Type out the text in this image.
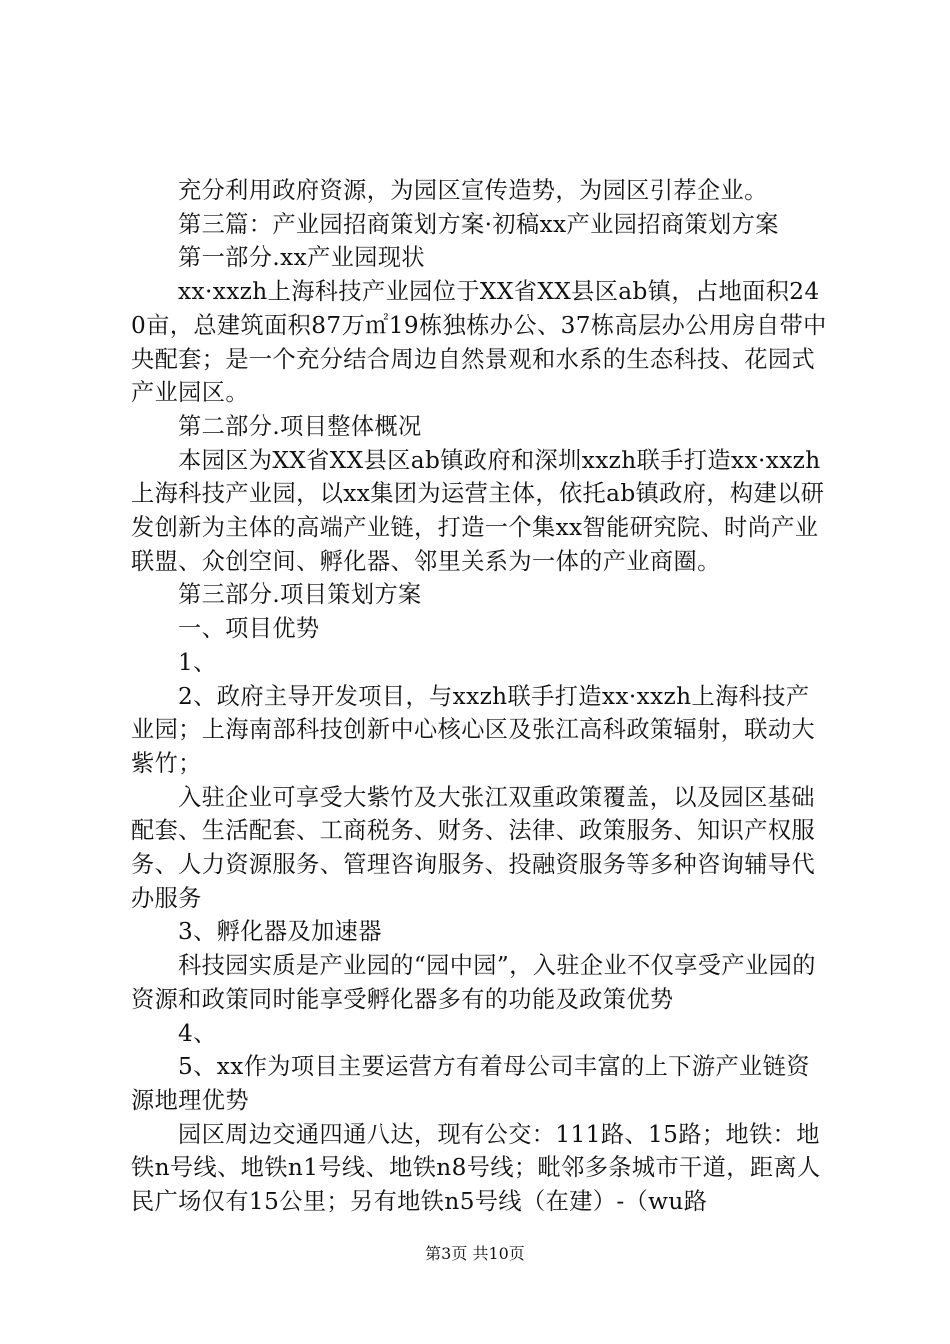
充分利用政府资源，为园区宣传造势，为园区引荐企业。

第三篇：产业园招商策划方案·初稿xx产业园招商策划方案

第一部分.xx产业园现状

xx·xxzh上海科技产业园位于XX省XX县区ab镇，占地面积240亩，总建筑面积87万㎡19栋独栋办公、37栋高层办公用房自带中央配套；是一个充分结合周边自然景观和水系的生态科技、花园式产业园区。

第二部分.项目整体概况

本园区为XX省XX县区ab镇政府和深圳xxzh联手打造xx·xxzh上海科技产业园，以xx集团为运营主体，依托ab镇政府，构建以研发创新为主体的高端产业链，打造一个集xx智能研究院、时尚产业联盟、众创空间、孵化器、邻里关系为一体的产业商圈。

第三部分.项目策划方案

一、项目优势

1、

2、政府主导开发项目，与xxzh联手打造xx·xxzh上海科技产业园；上海南部科技创新中心核心区及张江高科政策辐射，联动大紫竹；

入驻企业可享受大紫竹及大张江双重政策覆盖，以及园区基础配套、生活配套、工商税务、财务、法律、政策服务、知识产权服务、人力资源服务、管理咨询服务、投融资服务等多种咨询辅导代办服务

3、孵化器及加速器

科技园实质是产业园的“园中园”，入驻企业不仅享受产业园的资源和政策同时能享受孵化器多有的功能及政策优势

4、

5、xx作为项目主要运营方有着母公司丰富的上下游产业链资源地理优势

园区周边交通四通八达，现有公交：111路、15路；地铁：地铁n号线、地铁n1号线、地铁n8号线；毗邻多条城市干道，距离人民广场仅有15公里；另有地铁n5号线（在建）-（wu路

第3页 共10页
